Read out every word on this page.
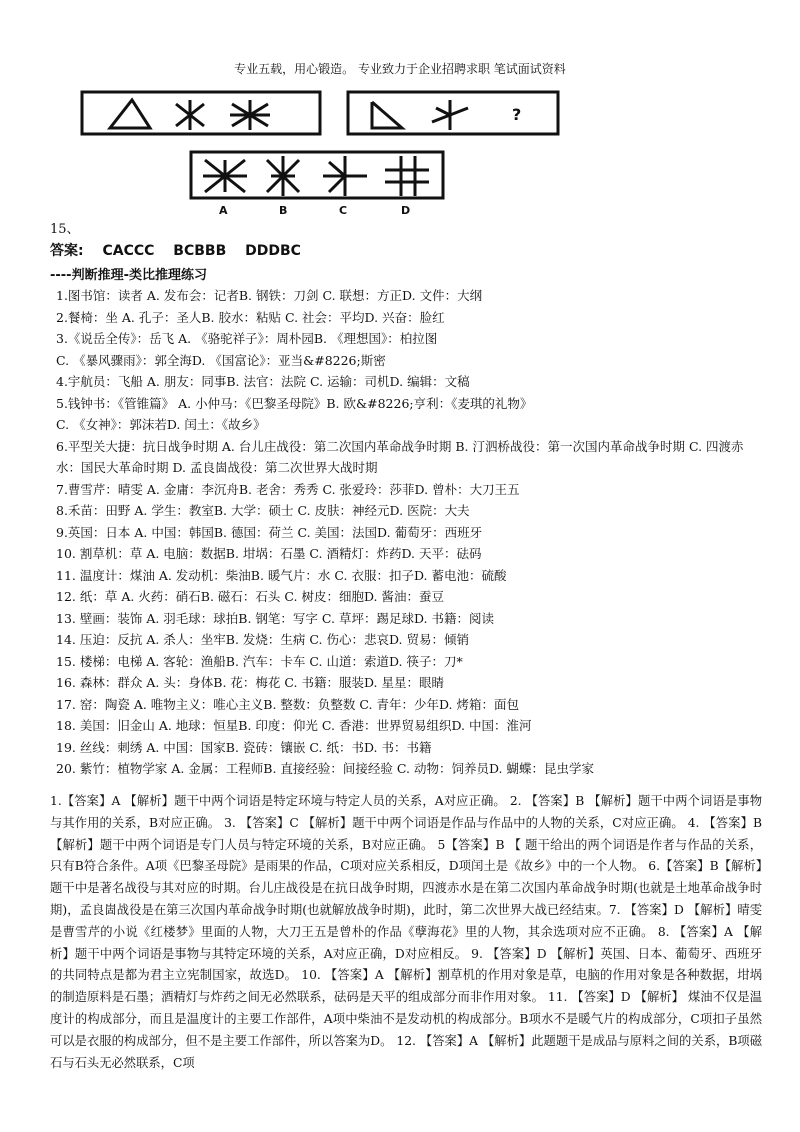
专业五载，用心锻造。 专业致力于企业招聘求职 笔试面试资料
?
A	B	C	D
15、
答案: CACCC BCBBB DDDBC
----判断推理-类比推理练习
1.图书馆：读者 A. 发布会：记者B. 钢铁：刀剑 C. 联想：方正D. 文件：大纲
2.餐椅：坐 A. 孔子：圣人B. 胶水：粘贴 C. 社会：平均D. 兴奋：脸红
3.《说岳全传》：岳飞 A. 《骆驼祥子》：周朴园B. 《理想国》：柏拉图
C. 《暴风骤雨》：郭全海D. 《国富论》：亚当&#8226;斯密
4.宇航员：飞船 A. 朋友：同事B. 法官：法院 C. 运输：司机D. 编辑：文稿
5.钱钟书：《管锥篇》 A. 小仲马：《巴黎圣母院》B. 欧&#8226;亨利：《麦琪的礼物》
C. 《女神》：郭沫若D. 闰土：《故乡》
6.平型关大捷：抗日战争时期 A. 台儿庄战役：第二次国内革命战争时期 B. 汀泗桥战役：第一次国内革命战争时期 C. 四渡赤水：国民大革命时期 D. 孟良崮战役：第二次世界大战时期
7.曹雪芹：晴雯 A. 金庸：李沉舟B. 老舍：秀秀 C. 张爱玲：莎菲D. 曾朴：大刀王五
8.禾苗：田野 A. 学生：教室B. 大学：硕士 C. 皮肤：神经元D. 医院：大夫
9.英国：日本 A. 中国：韩国B. 德国：荷兰 C. 美国：法国D. 葡萄牙：西班牙
10. 割草机：草 A. 电脑：数据B. 坩埚：石墨 C. 酒精灯：炸药D. 天平：砝码
11. 温度计：煤油 A. 发动机：柴油B. 暖气片：水 C. 衣服：扣子D. 蓄电池：硫酸
12. 纸：草 A. 火药：硝石B. 磁石：石头 C. 树皮：细胞D. 酱油：蚕豆
13. 壁画：装饰 A. 羽毛球：球拍B. 钢笔：写字 C. 草坪：踢足球D. 书籍：阅读
14. 压迫：反抗 A. 杀人：坐牢B. 发烧：生病 C. 伤心：悲哀D. 贸易：倾销
15. 楼梯：电梯 A. 客轮：渔船B. 汽车：卡车 C. 山道：索道D. 筷子：刀*
16. 森林：群众 A. 头：身体B. 花：梅花 C. 书籍：服装D. 星星：眼睛
17. 窑：陶瓷 A. 唯物主义：唯心主义B. 整数：负整数 C. 青年：少年D. 烤箱：面包
18. 美国：旧金山 A. 地球：恒星B. 印度：仰光 C. 香港：世界贸易组织D. 中国：淮河
19. 丝线：刺绣 A. 中国：国家B. 瓷砖：镶嵌 C. 纸：书D. 书：书籍
20. 紫竹：植物学家 A. 金属：工程师B. 直接经验：间接经验 C. 动物：饲养员D. 蝴蝶：昆虫学家
1.【答案】A 【解析】题干中两个词语是特定环境与特定人员的关系，A对应正确。 2. 【答案】B 【解析】题干中两个词语是事物与其作用的关系，B对应正确。 3. 【答案】C 【解析】题干中两个词语是作品与作品中的人物的关系，C对应正确。 4. 【答案】B 【解析】题干中两个词语是专门人员与特定环境的关系，B对应正确。 5【答案】B 【 题干给出的两个词语是作者与作品的关系，只有B符合条件。A项《巴黎圣母院》是雨果的作品，C项对应关系相反，D项闰土是《故乡》中的一个人物。 6.【答案】B【解析】题干中是著名战役与其对应的时期。台儿庄战役是在抗日战争时期，四渡赤水是在第二次国内革命战争时期(也就是土地革命战争时期)，孟良崮战役是在第三次国内革命战争时期(也就解放战争时期)，此时，第二次世界大战已经结束。7. 【答案】D 【解析】晴雯是曹雪芹的小说《红楼梦》里面的人物，大刀王五是曾朴的作品《孽海花》里的人物，其余选项对应不正确。 8. 【答案】A 【解析】题干中两个词语是事物与其特定环境的关系，A对应正确，D对应相反。 9. 【答案】D 【解析】英国、日本、葡萄牙、西班牙的共同特点是都为君主立宪制国家，故选D。 10. 【答案】A 【解析】割草机的作用对象是草，电脑的作用对象是各种数据，坩埚的制造原料是石墨；酒精灯与炸药之间无必然联系，砝码是天平的组成部分而非作用对象。 11. 【答案】D 【解析】 煤油不仅是温度计的构成部分，而且是温度计的主要工作部件，A项中柴油不是发动机的构成部分。B项水不是暖气片的构成部分，C项扣子虽然可以是衣服的构成部分，但不是主要工作部件，所以答案为D。 12. 【答案】A 【解析】此题题干是成品与原料之间的关系，B项磁石与石头无必然联系，C项
